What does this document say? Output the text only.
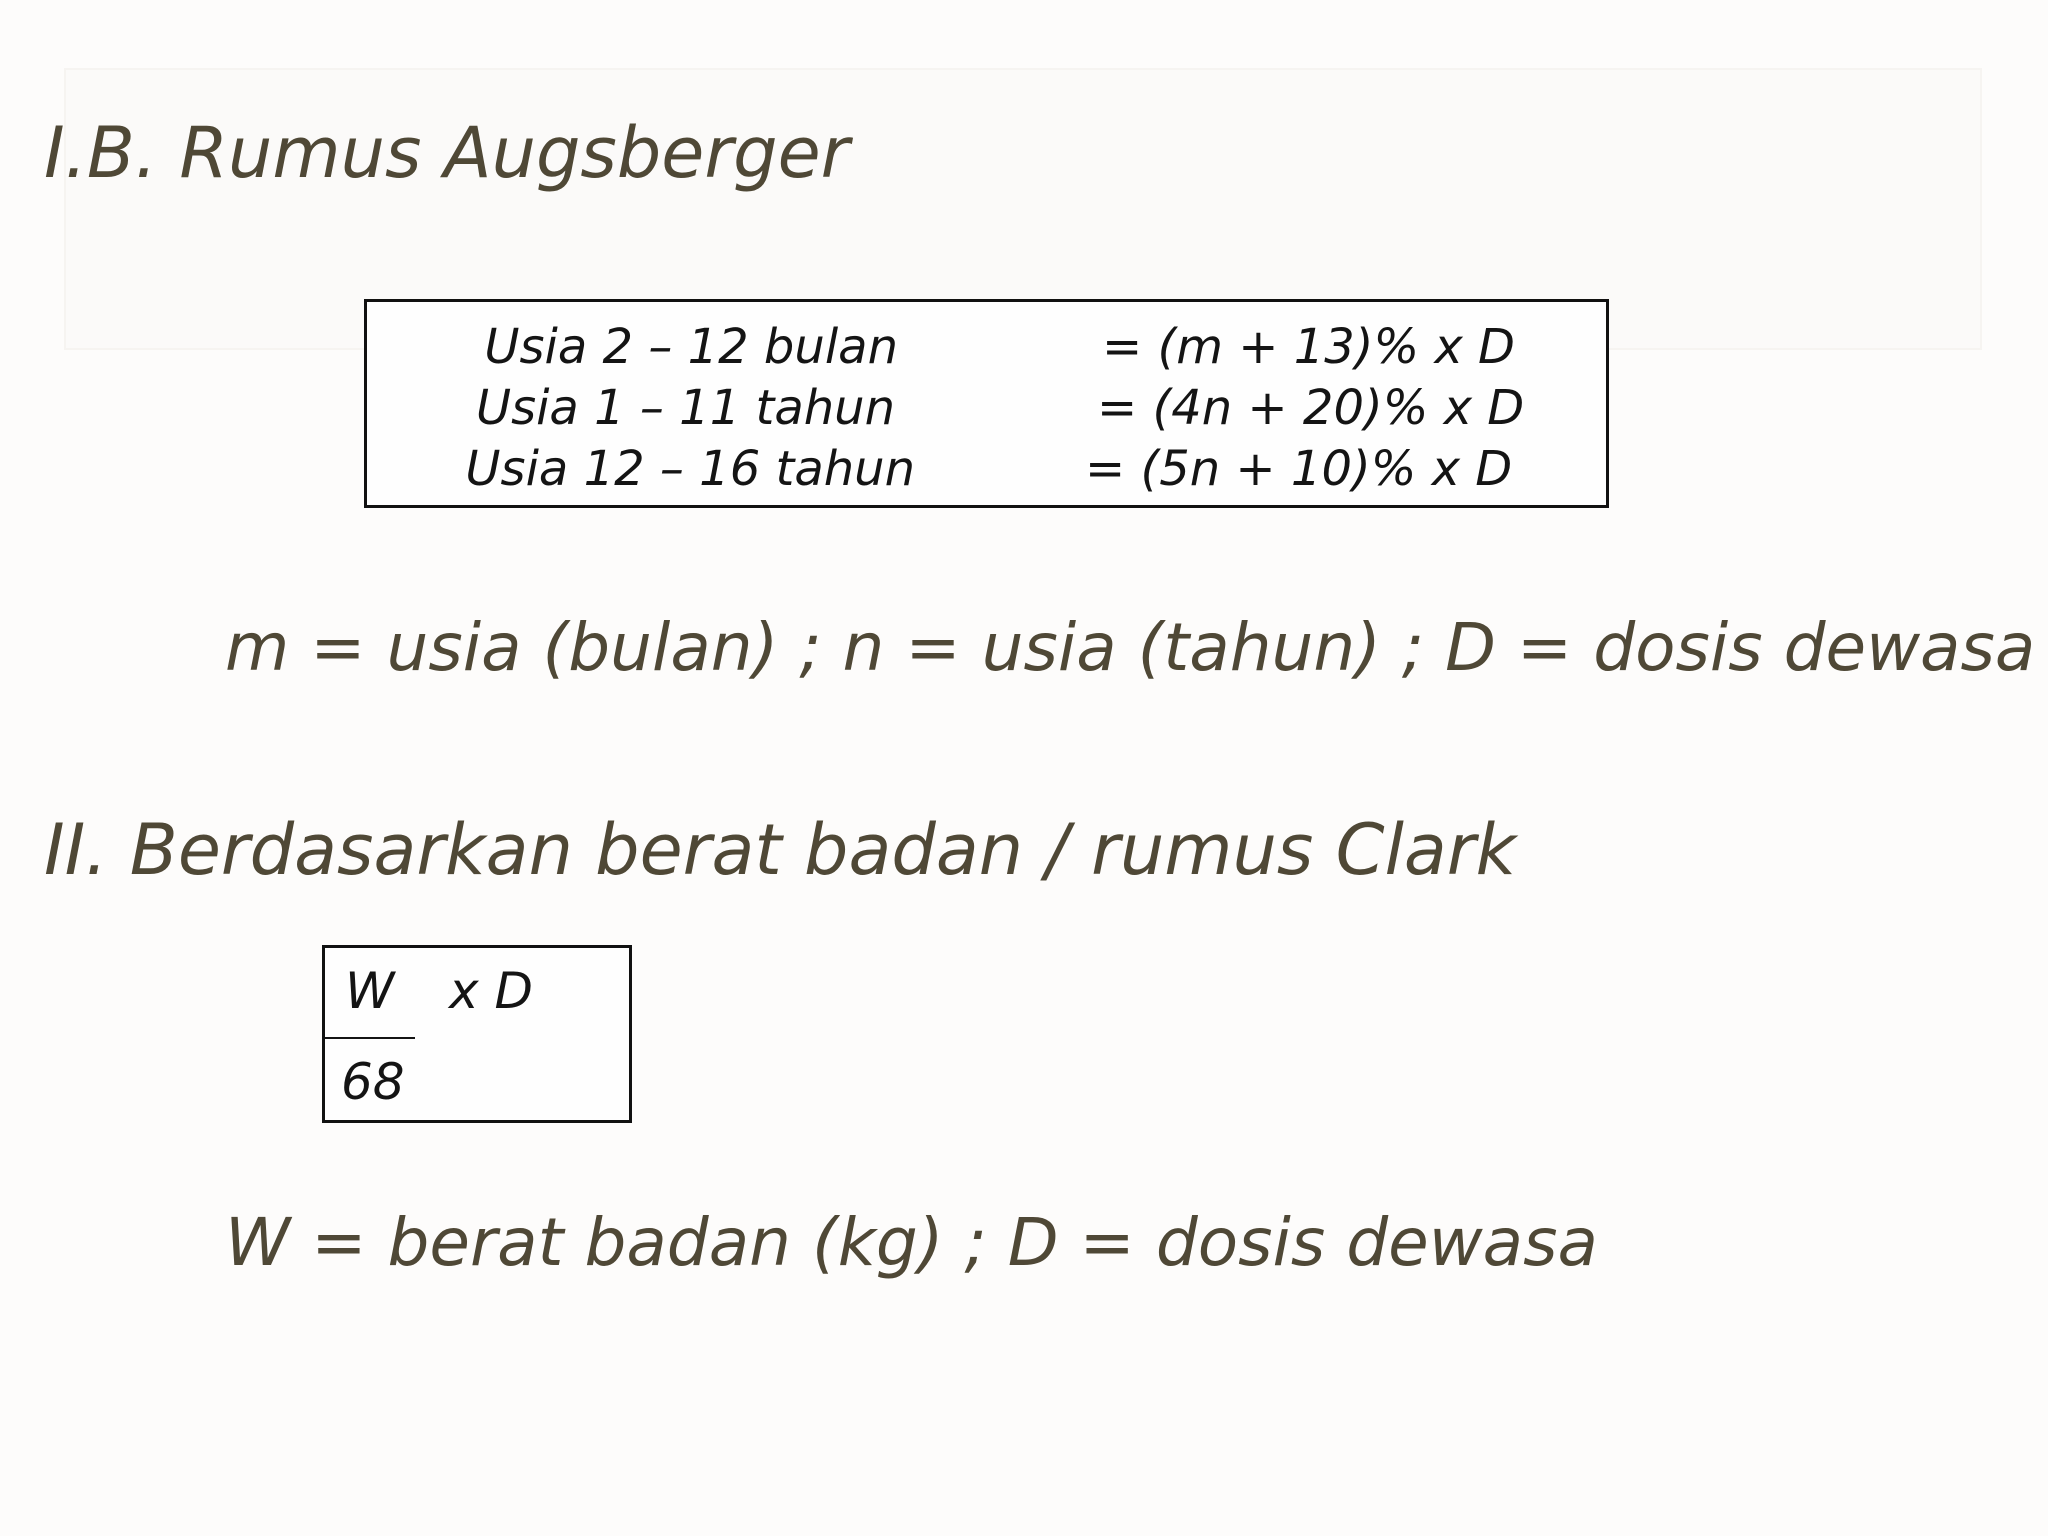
I.B. Rumus Augsberger
Usia 2 – 12 bulan	= (m + 13)% x D
Usia 1 – 11 tahun	= (4n + 20)% x D
Usia 12 – 16 tahun	= (5n + 10)% x D

m = usia (bulan) ; n = usia (tahun) ; D = dosis dewasa

II. Berdasarkan berat badan / rumus Clark
W x D
68

W = berat badan (kg) ; D = dosis dewasa
